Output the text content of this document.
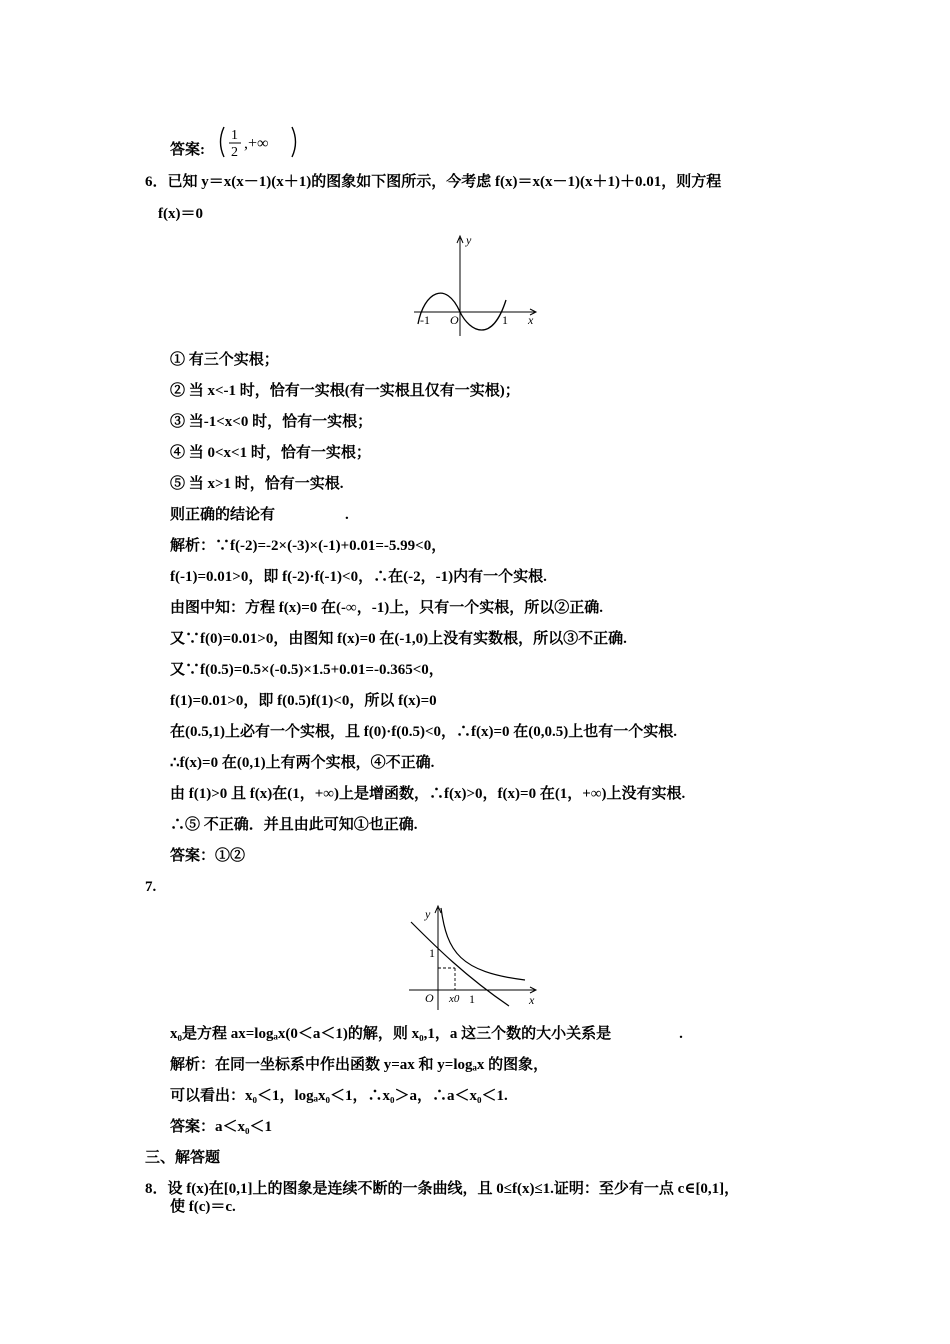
答案:
1
2
,+∞
6．已知 y＝x(x－1)(x＋1)的图象如下图所示，今考虑 f(x)＝x(x－1)(x＋1)＋0.01，则方程
f(x)＝0
y
x
O
-1	1
① 有三个实根；
② 当 x<-1 时，恰有一实根(有一实根且仅有一实根)；
③ 当-1<x<0 时，恰有一实根；
④ 当 0<x<1 时，恰有一实根；
⑤ 当 x>1 时，恰有一实根.
则正确的结论有	.
解析：∵f(-2)=-2×(-3)×(-1)+0.01=-5.99<0，
f(-1)=0.01>0，即 f(-2)·f(-1)<0，∴在(-2，-1)内有一个实根.
由图中知：方程 f(x)=0 在(-∞，-1)上，只有一个实根，所以②正确.
又∵f(0)=0.01>0，由图知 f(x)=0 在(-1,0)上没有实数根，所以③不正确.
又∵f(0.5)=0.5×(-0.5)×1.5+0.01=-0.365<0，
f(1)=0.01>0，即 f(0.5)f(1)<0，所以 f(x)=0
在(0.5,1)上必有一个实根，且 f(0)·f(0.5)<0，∴f(x)=0 在(0,0.5)上也有一个实根.
∴f(x)=0 在(0,1)上有两个实根，④不正确.
由 f(1)>0 且 f(x)在(1，+∞)上是增函数，∴f(x)>0，f(x)=0 在(1，+∞)上没有实根.
∴⑤ 不正确．并且由此可知①也正确.
答案：①②
7.
y
x
O
1
1
x0
x₀是方程 ax=logₐx(0＜a＜1)的解，则 x₀,1，a 这三个数的大小关系是	.
解析：在同一坐标系中作出函数 y=ax 和 y=logₐx 的图象，
可以看出：x₀＜1，logₐx₀＜1，∴x₀＞a，∴a＜x₀＜1.
答案：a＜x₀＜1
三、解答题
8．设 f(x)在[0,1]上的图象是连续不断的一条曲线，且 0≤f(x)≤1.证明：至少有一点 c∈[0,1]，
使 f(c)＝c.
